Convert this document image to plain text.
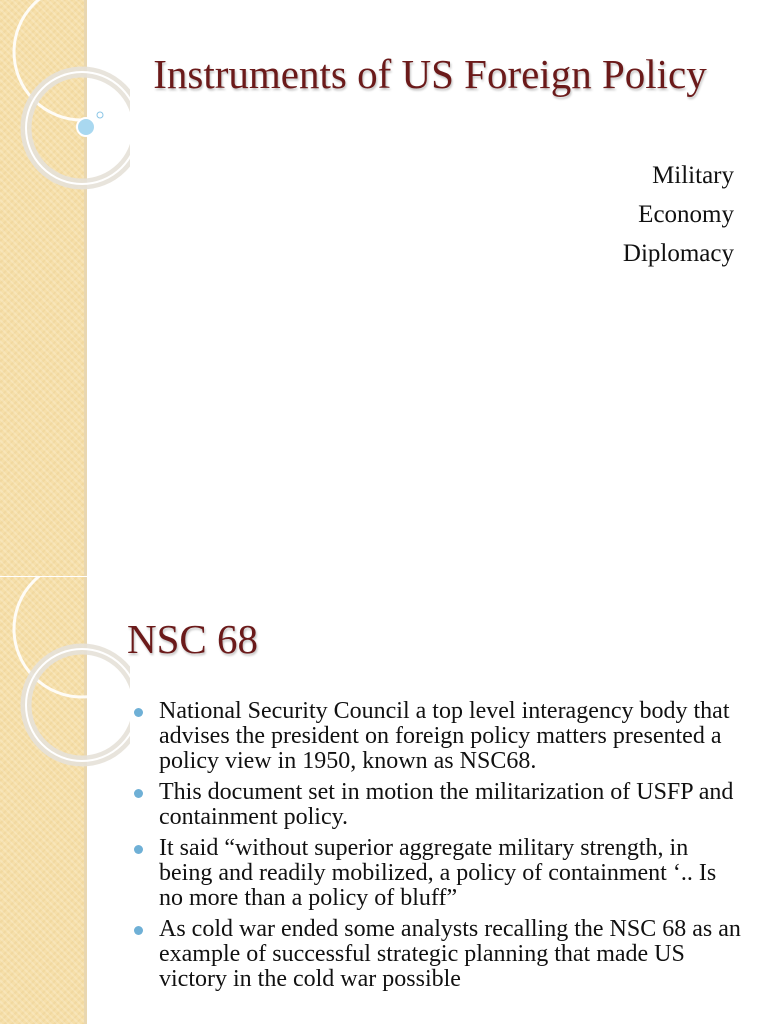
Instruments of US Foreign Policy
Military
Economy
Diplomacy
NSC 68
National Security Council a top level interagency body that advises the president on foreign policy matters presented a policy view in 1950, known as NSC68.
This document set in motion the militarization of USFP and containment policy.
It said “without superior aggregate military strength, in being and readily mobilized, a policy of containment ‘.. Is no more than a policy of bluff”
As cold war ended some analysts recalling the NSC 68 as an example of successful strategic planning that made US victory in the cold war possible
